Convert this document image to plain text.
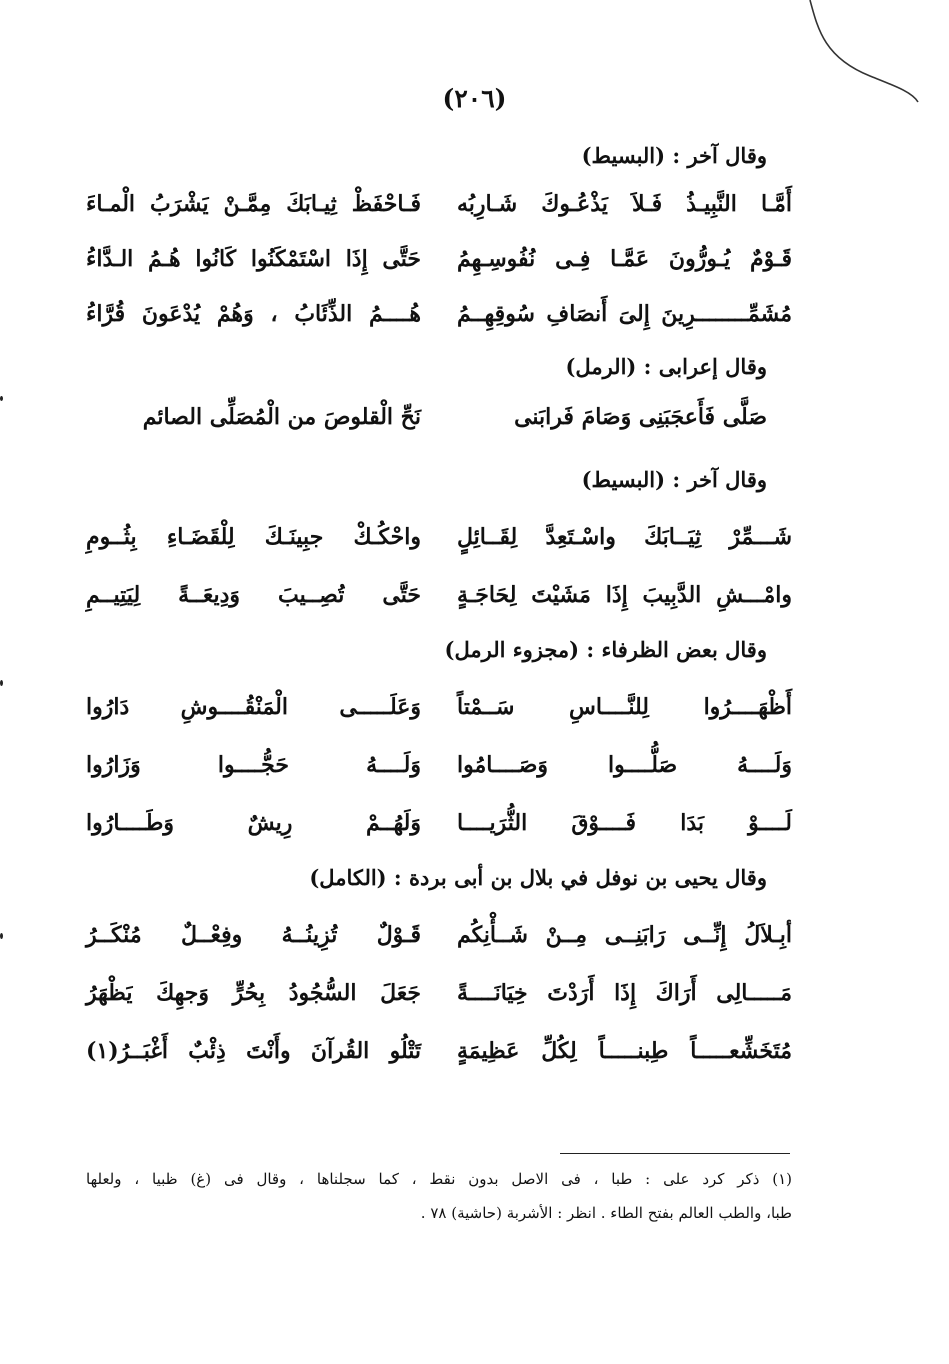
(٢٠٦)
وقال آخر : (البسيط)
أَمَّـا النَّبِيـذُ فَـلاَ يَذْعُـوكَ شَـارِبُه
فَـاحْفَظْ ثِيـابَكَ مِمَّـنْ يَشْرَبُ الْمـاءَ
قَـوْمٌ يُـورُّونَ عَمَّـا فِـى نُفُوسِـهِمُ
حَتَّى إِذَا اسْتَمْكَنُوا كَانُوا هُـمُ الـدَّاءُ
مُشَمِّــــــــرِينَ إِلىَ أَنصَافِ سُوقِهِــمُ
هُــــمُ الذِّئَابُ ، وَهُمْ يُدْعَونَ قُرَّاءُ
وقال إعرابى : (الرمل)
صَلَّى فَأَعجَبَنِى وَصَامَ فَرابَنى
نَحِّ الْقلوصَ من الْمُصَلِّى الصائم
وقال آخر : (البسيط)
شَـــمِّرْ ثِيَــابَكَ واسْـتَعِدَّ لِقَــائِلٍ
واحْكُـكْ جبِينَـكَ لِلْقَضَـاءِ بِثُــومِ
وامْـــشِ الدَّبِيبَ إِذَا مَشَيْتَ لِحَاجَـةٍ
حَتَّى تُصِــيبَ وَدِيعَــةً لِيَتِيــمِ
وقال بعض الظرفاء : (مجزوء الرمل)
أَظْهَــــرُوا لِلنَّــــاسِ سَــمْتاً
وَعَلَـــــى الْمَنْقُــــوشِ دَارُوا
وَلَــــهُ صَلُّــــوا وَصَــــامُوا
وَلَــــهُ حَجُّــــوا وَزَارُوا
لَــــوْ بَدَا فَــــوْقَ الثُّرَيــــا
وَلَهُــمْ رِيشٌ وَطَــــارُوا
وقال يحيى بن نوفل في بلال بن أبى بردة : (الكامل)
أبِـلاَلُ إِنِّــى رَابَنِــى مِــنْ شَــأْنِكُم
قَـوْلٌ تُزِينُــهُ وفِعْــلٌ مُنْكَــرُ
مَـــــالِى أَرَاكَ إِذَا أَرَدْتَ خِيَانَــــةً
جَعَلَ السُّجُودُ بِحُرٍّ وَجهِكَ يَظْهَرُ
مُتَخَشِّعـــــاً طِبنـــــاً لِكُلِّ عَظِيمَةٍ
تَتْلُو القُرآنَ وأَنْتَ ذِئْبٌ أَغْبَــرُ(١)

(١) ذكر كرد على : طبا ، فى الاصل بدون نقط ، كما سجلناها ، وقال فى (غ) ظبيا ، ولعلها

طبا، والطب العالم بفتح الطاء . انظر : الأشربة (حاشية) ٧٨ .
